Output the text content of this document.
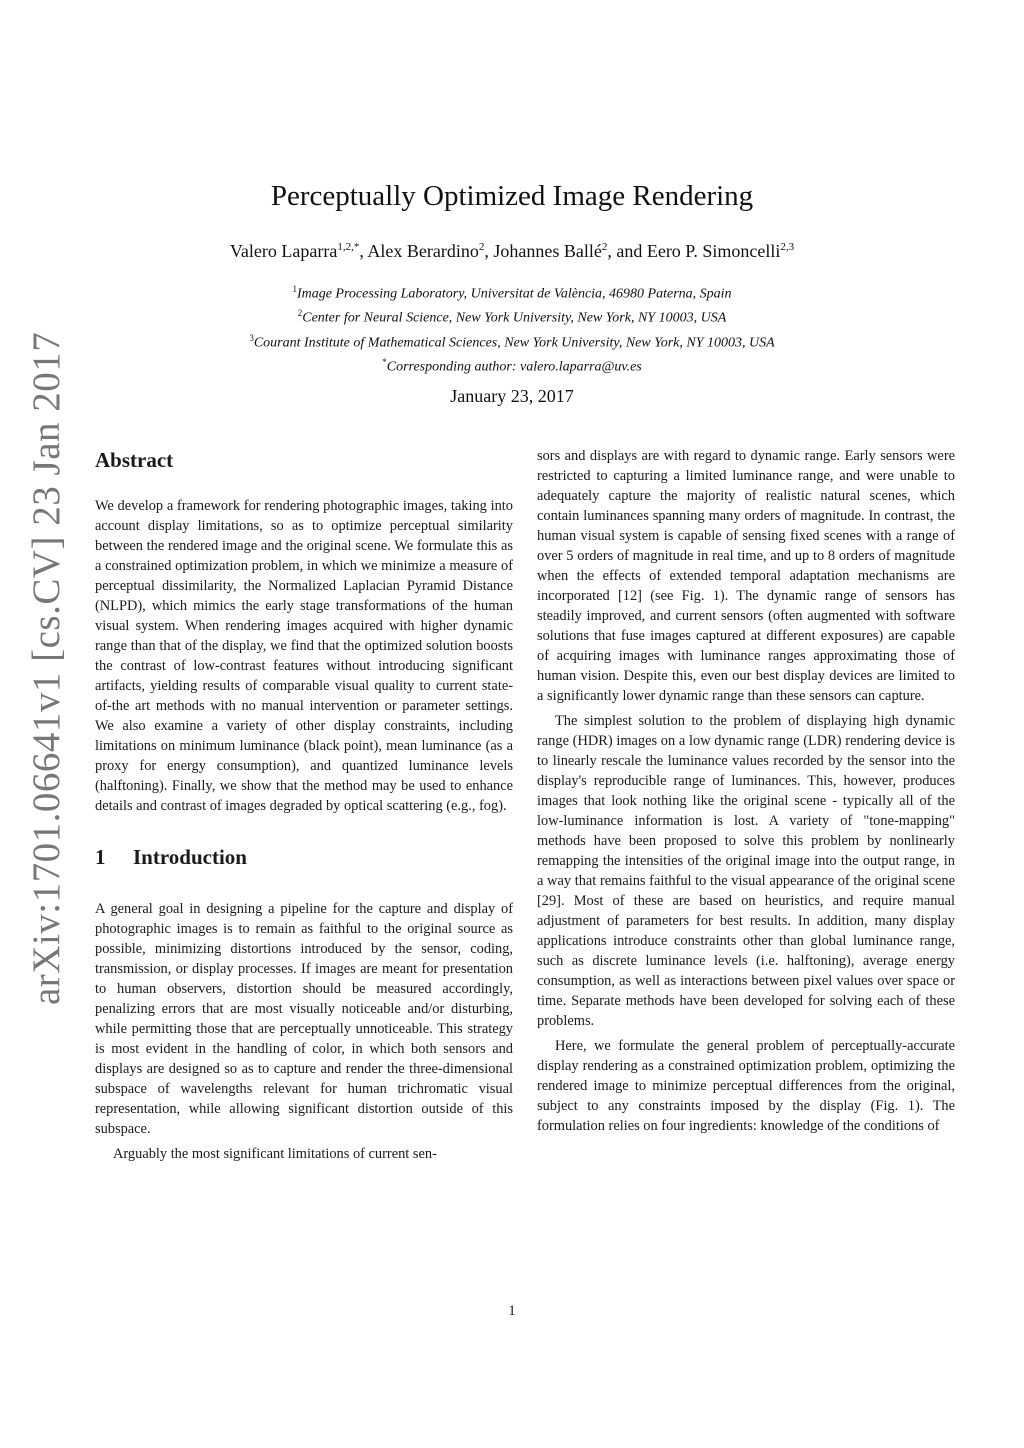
arXiv:1701.06641v1 [cs.CV] 23 Jan 2017
Perceptually Optimized Image Rendering
Valero Laparra$^{1,2,*}$, Alex Berardino$^2$, Johannes Ballé$^2$, and Eero P. Simoncelli$^{2,3}$
$^1$Image Processing Laboratory, Universitat de València, 46980 Paterna, Spain
$^2$Center for Neural Science, New York University, New York, NY 10003, USA
$^3$Courant Institute of Mathematical Sciences, New York University, New York, NY 10003, USA
*Corresponding author: valero.laparra@uv.es
January 23, 2017
Abstract

We develop a framework for rendering photographic images, taking into account display limitations, so as to optimize perceptual similarity between the rendered image and the original scene. We formulate this as a constrained optimization problem, in which we minimize a measure of perceptual dissimilarity, the Normalized Laplacian Pyramid Distance (NLPD), which mimics the early stage transformations of the human visual system. When rendering images acquired with higher dynamic range than that of the display, we find that the optimized solution boosts the contrast of low-contrast features without introducing significant artifacts, yielding results of comparable visual quality to current state-of-the art methods with no manual intervention or parameter settings. We also examine a variety of other display constraints, including limitations on minimum luminance (black point), mean luminance (as a proxy for energy consumption), and quantized luminance levels (halftoning). Finally, we show that the method may be used to enhance details and contrast of images degraded by optical scattering (e.g., fog).

1 Introduction

A general goal in designing a pipeline for the capture and display of photographic images is to remain as faithful to the original source as possible, minimizing distortions introduced by the sensor, coding, transmission, or display processes. If images are meant for presentation to human observers, distortion should be measured accordingly, penalizing errors that are most visually noticeable and/or disturbing, while permitting those that are perceptually unnoticeable. This strategy is most evident in the handling of color, in which both sensors and displays are designed so as to capture and render the three-dimensional subspace of wavelengths relevant for human trichromatic visual representation, while allowing significant distortion outside of this subspace.

Arguably the most significant limitations of current sen-

sors and displays are with regard to dynamic range. Early sensors were restricted to capturing a limited luminance range, and were unable to adequately capture the majority of realistic natural scenes, which contain luminances spanning many orders of magnitude. In contrast, the human visual system is capable of sensing fixed scenes with a range of over 5 orders of magnitude in real time, and up to 8 orders of magnitude when the effects of extended temporal adaptation mechanisms are incorporated [12] (see Fig. 1). The dynamic range of sensors has steadily improved, and current sensors (often augmented with software solutions that fuse images captured at different exposures) are capable of acquiring images with luminance ranges approximating those of human vision. Despite this, even our best display devices are limited to a significantly lower dynamic range than these sensors can capture.

The simplest solution to the problem of displaying high dynamic range (HDR) images on a low dynamic range (LDR) rendering device is to linearly rescale the luminance values recorded by the sensor into the display's reproducible range of luminances. This, however, produces images that look nothing like the original scene - typically all of the low-luminance information is lost. A variety of "tone-mapping" methods have been proposed to solve this problem by nonlinearly remapping the intensities of the original image into the output range, in a way that remains faithful to the visual appearance of the original scene [29]. Most of these are based on heuristics, and require manual adjustment of parameters for best results. In addition, many display applications introduce constraints other than global luminance range, such as discrete luminance levels (i.e. halftoning), average energy consumption, as well as interactions between pixel values over space or time. Separate methods have been developed for solving each of these problems.

Here, we formulate the general problem of perceptually-accurate display rendering as a constrained optimization problem, optimizing the rendered image to minimize perceptual differences from the original, subject to any constraints imposed by the display (Fig. 1). The formulation relies on four ingredients: knowledge of the conditions of

1
